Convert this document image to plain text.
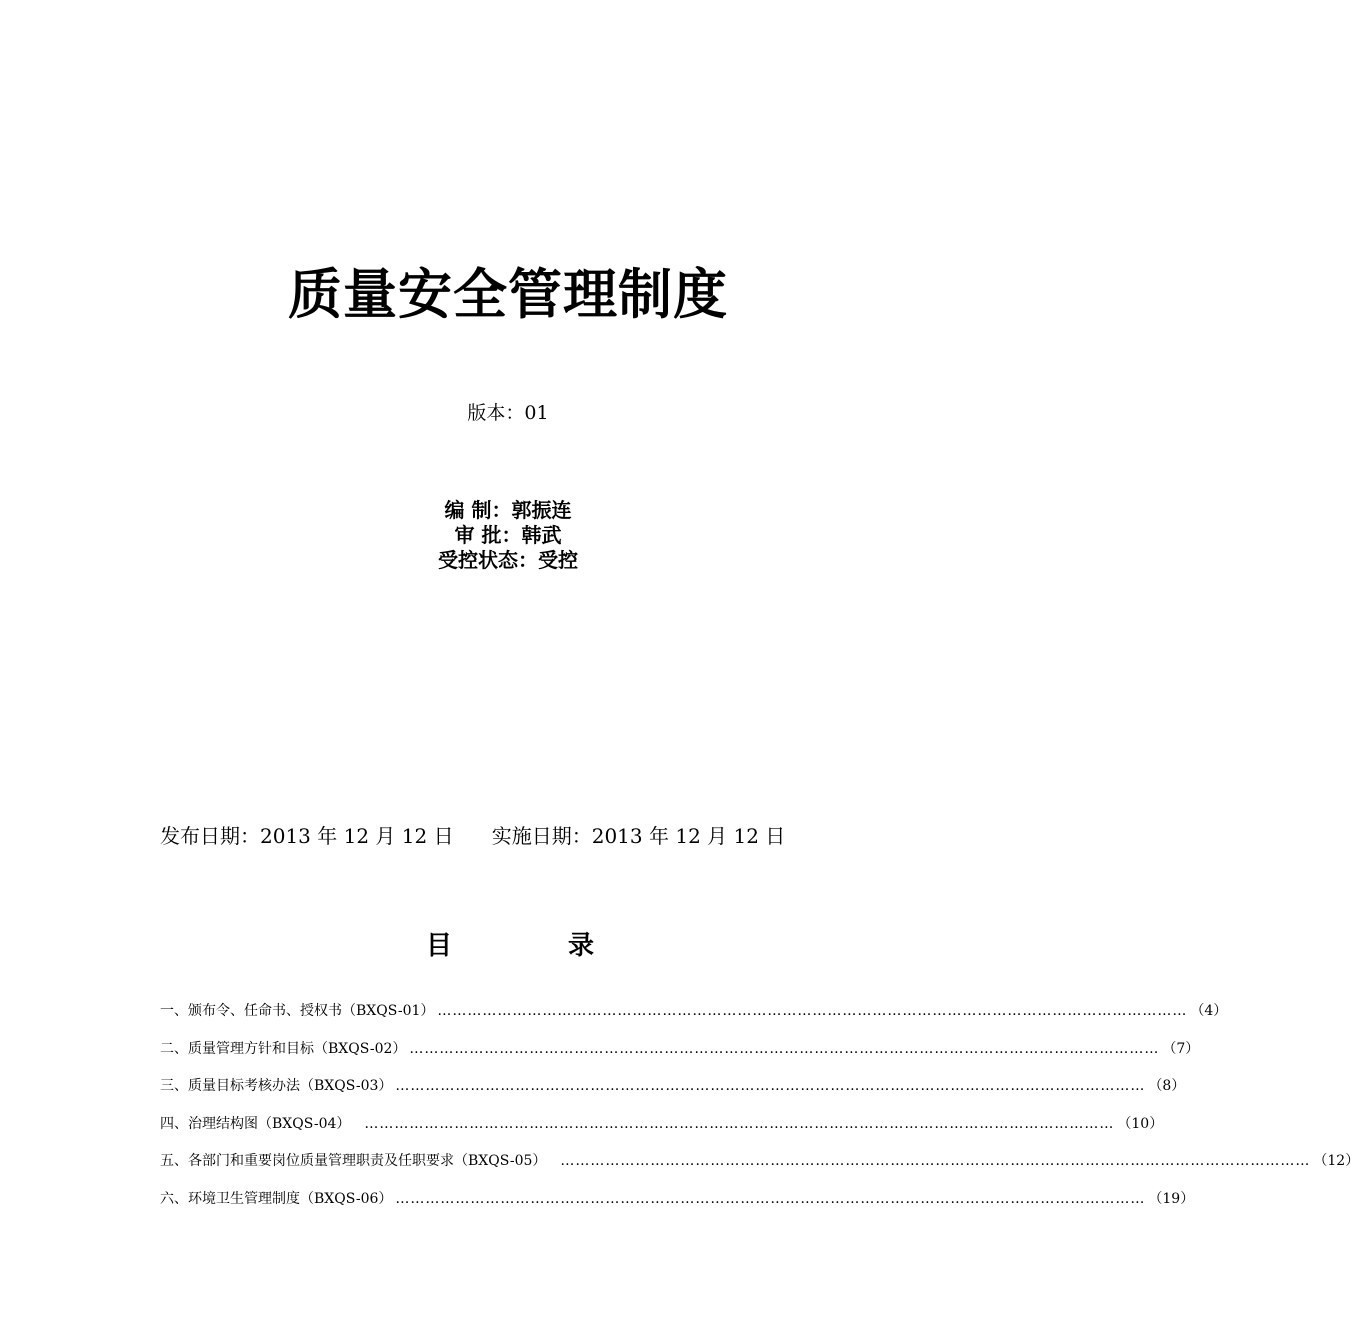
质量安全管理制度
版本：01
编 制：郭振连
审 批：韩武
受控状态：受控
发布日期：2013 年 12 月 12 日      实施日期：2013 年 12 月 12 日
目	录
一、颁布令、任命书、授权书（BXQS-01） …………………………………………………………………………………………………………………………………… （4）
二、质量管理方针和目标（BXQS-02） …………………………………………………………………………………………………………………………………… （7）
三、质量目标考核办法（BXQS-03） …………………………………………………………………………………………………………………………………… （8）
四、治理结构图（BXQS-04） …………………………………………………………………………………………………………………………………… （10）
五、各部门和重要岗位质量管理职责及任职要求（BXQS-05） …………………………………………………………………………………………………………………………………… （12）
六、环境卫生管理制度（BXQS-06） …………………………………………………………………………………………………………………………………… （19）
